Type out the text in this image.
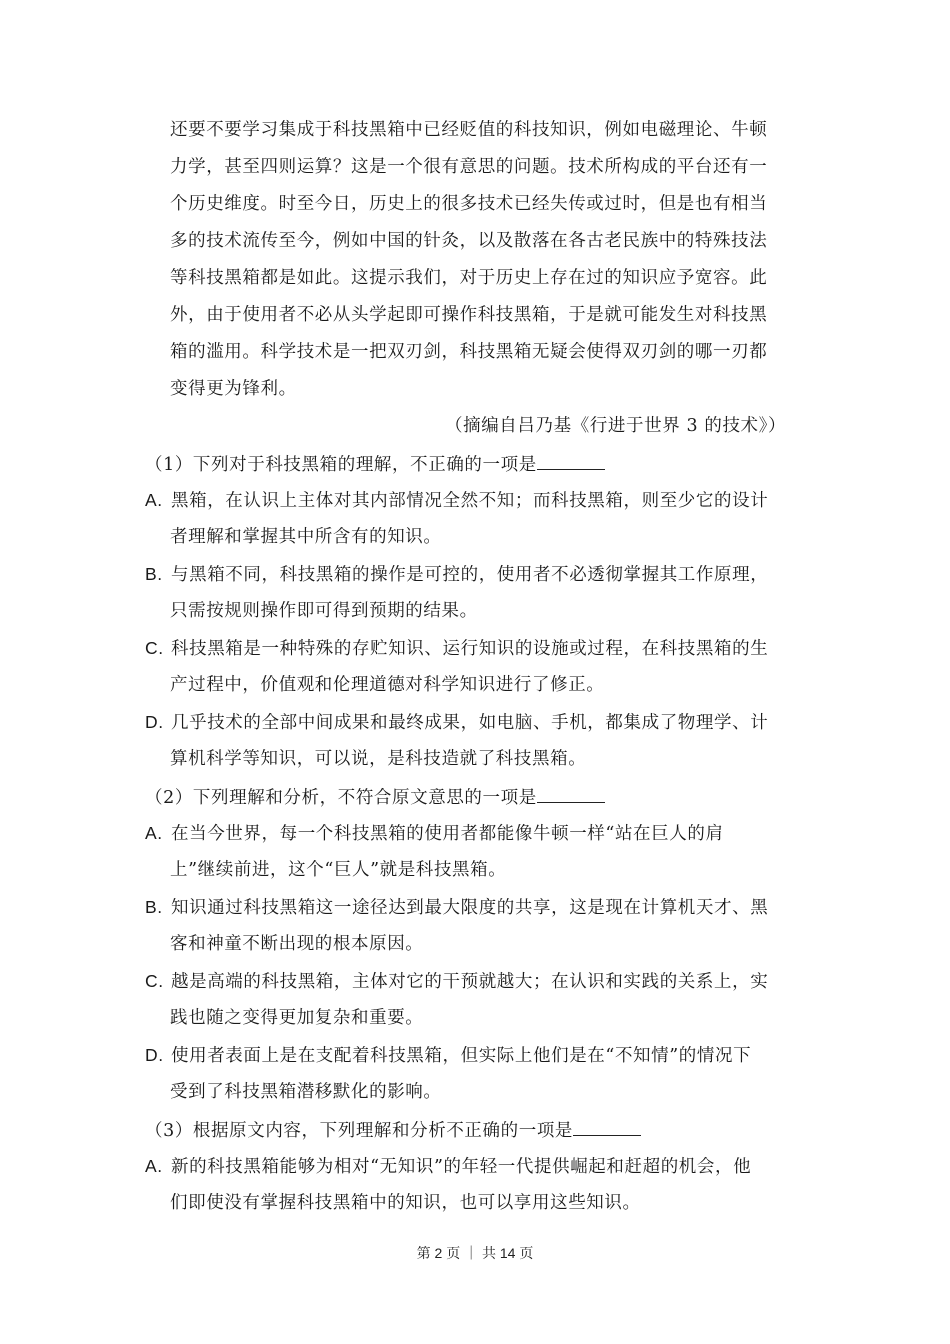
还要不要学习集成于科技黑箱中已经贬值的科技知识，例如电磁理论、牛顿
力学，甚至四则运算？这是一个很有意思的问题。技术所构成的平台还有一
个历史维度。时至今日，历史上的很多技术已经失传或过时，但是也有相当
多的技术流传至今，例如中国的针灸，以及散落在各古老民族中的特殊技法
等科技黑箱都是如此。这提示我们，对于历史上存在过的知识应予宽容。此
外，由于使用者不必从头学起即可操作科技黑箱，于是就可能发生对科技黑
箱的滥用。科学技术是一把双刃剑，科技黑箱无疑会使得双刃剑的哪一刃都
变得更为锋利。
（摘编自吕乃基《行进于世界 3 的技术》）
（1）下列对于科技黑箱的理解，不正确的一项是
A. 黑箱，在认识上主体对其内部情况全然不知；而科技黑箱，则至少它的设计
者理解和掌握其中所含有的知识。
B. 与黑箱不同，科技黑箱的操作是可控的，使用者不必透彻掌握其工作原理，
只需按规则操作即可得到预期的结果。
C. 科技黑箱是一种特殊的存贮知识、运行知识的设施或过程，在科技黑箱的生
产过程中，价值观和伦理道德对科学知识进行了修正。
D. 几乎技术的全部中间成果和最终成果，如电脑、手机，都集成了物理学、计
算机科学等知识，可以说，是科技造就了科技黑箱。
（2）下列理解和分析，不符合原文意思的一项是
A. 在当今世界，每一个科技黑箱的使用者都能像牛顿一样“站在巨人的肩
上”继续前进，这个“巨人”就是科技黑箱。
B. 知识通过科技黑箱这一途径达到最大限度的共享，这是现在计算机天才、黑
客和神童不断出现的根本原因。
C. 越是高端的科技黑箱，主体对它的干预就越大；在认识和实践的关系上，实
践也随之变得更加复杂和重要。
D. 使用者表面上是在支配着科技黑箱，但实际上他们是在“不知情”的情况下
受到了科技黑箱潜移默化的影响。
（3）根据原文内容，下列理解和分析不正确的一项是
A. 新的科技黑箱能够为相对“无知识”的年轻一代提供崛起和赶超的机会，他
们即使没有掌握科技黑箱中的知识，也可以享用这些知识。
第 2 页 ｜ 共 14 页
